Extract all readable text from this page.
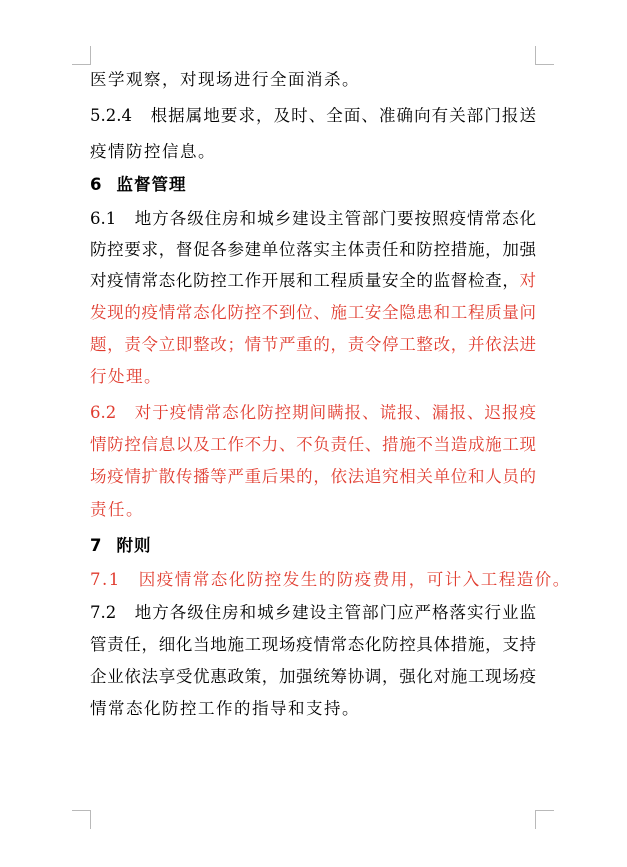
医学观察，对现场进行全面消杀。
5.2.4　根据属地要求，及时、全面、准确向有关部门报送
疫情防控信息。
6 监督管理
6.1　地方各级住房和城乡建设主管部门要按照疫情常态化
防控要求，督促各参建单位落实主体责任和防控措施，加强
对疫情常态化防控工作开展和工程质量安全的监督检查，对
发现的疫情常态化防控不到位、施工安全隐患和工程质量问
题，责令立即整改；情节严重的，责令停工整改，并依法进
行处理。
6.2　对于疫情常态化防控期间瞒报、谎报、漏报、迟报疫
情防控信息以及工作不力、不负责任、措施不当造成施工现
场疫情扩散传播等严重后果的，依法追究相关单位和人员的
责任。
7 附则
7.1　因疫情常态化防控发生的防疫费用，可计入工程造价。
7.2　地方各级住房和城乡建设主管部门应严格落实行业监
管责任，细化当地施工现场疫情常态化防控具体措施，支持
企业依法享受优惠政策，加强统筹协调，强化对施工现场疫
情常态化防控工作的指导和支持。
